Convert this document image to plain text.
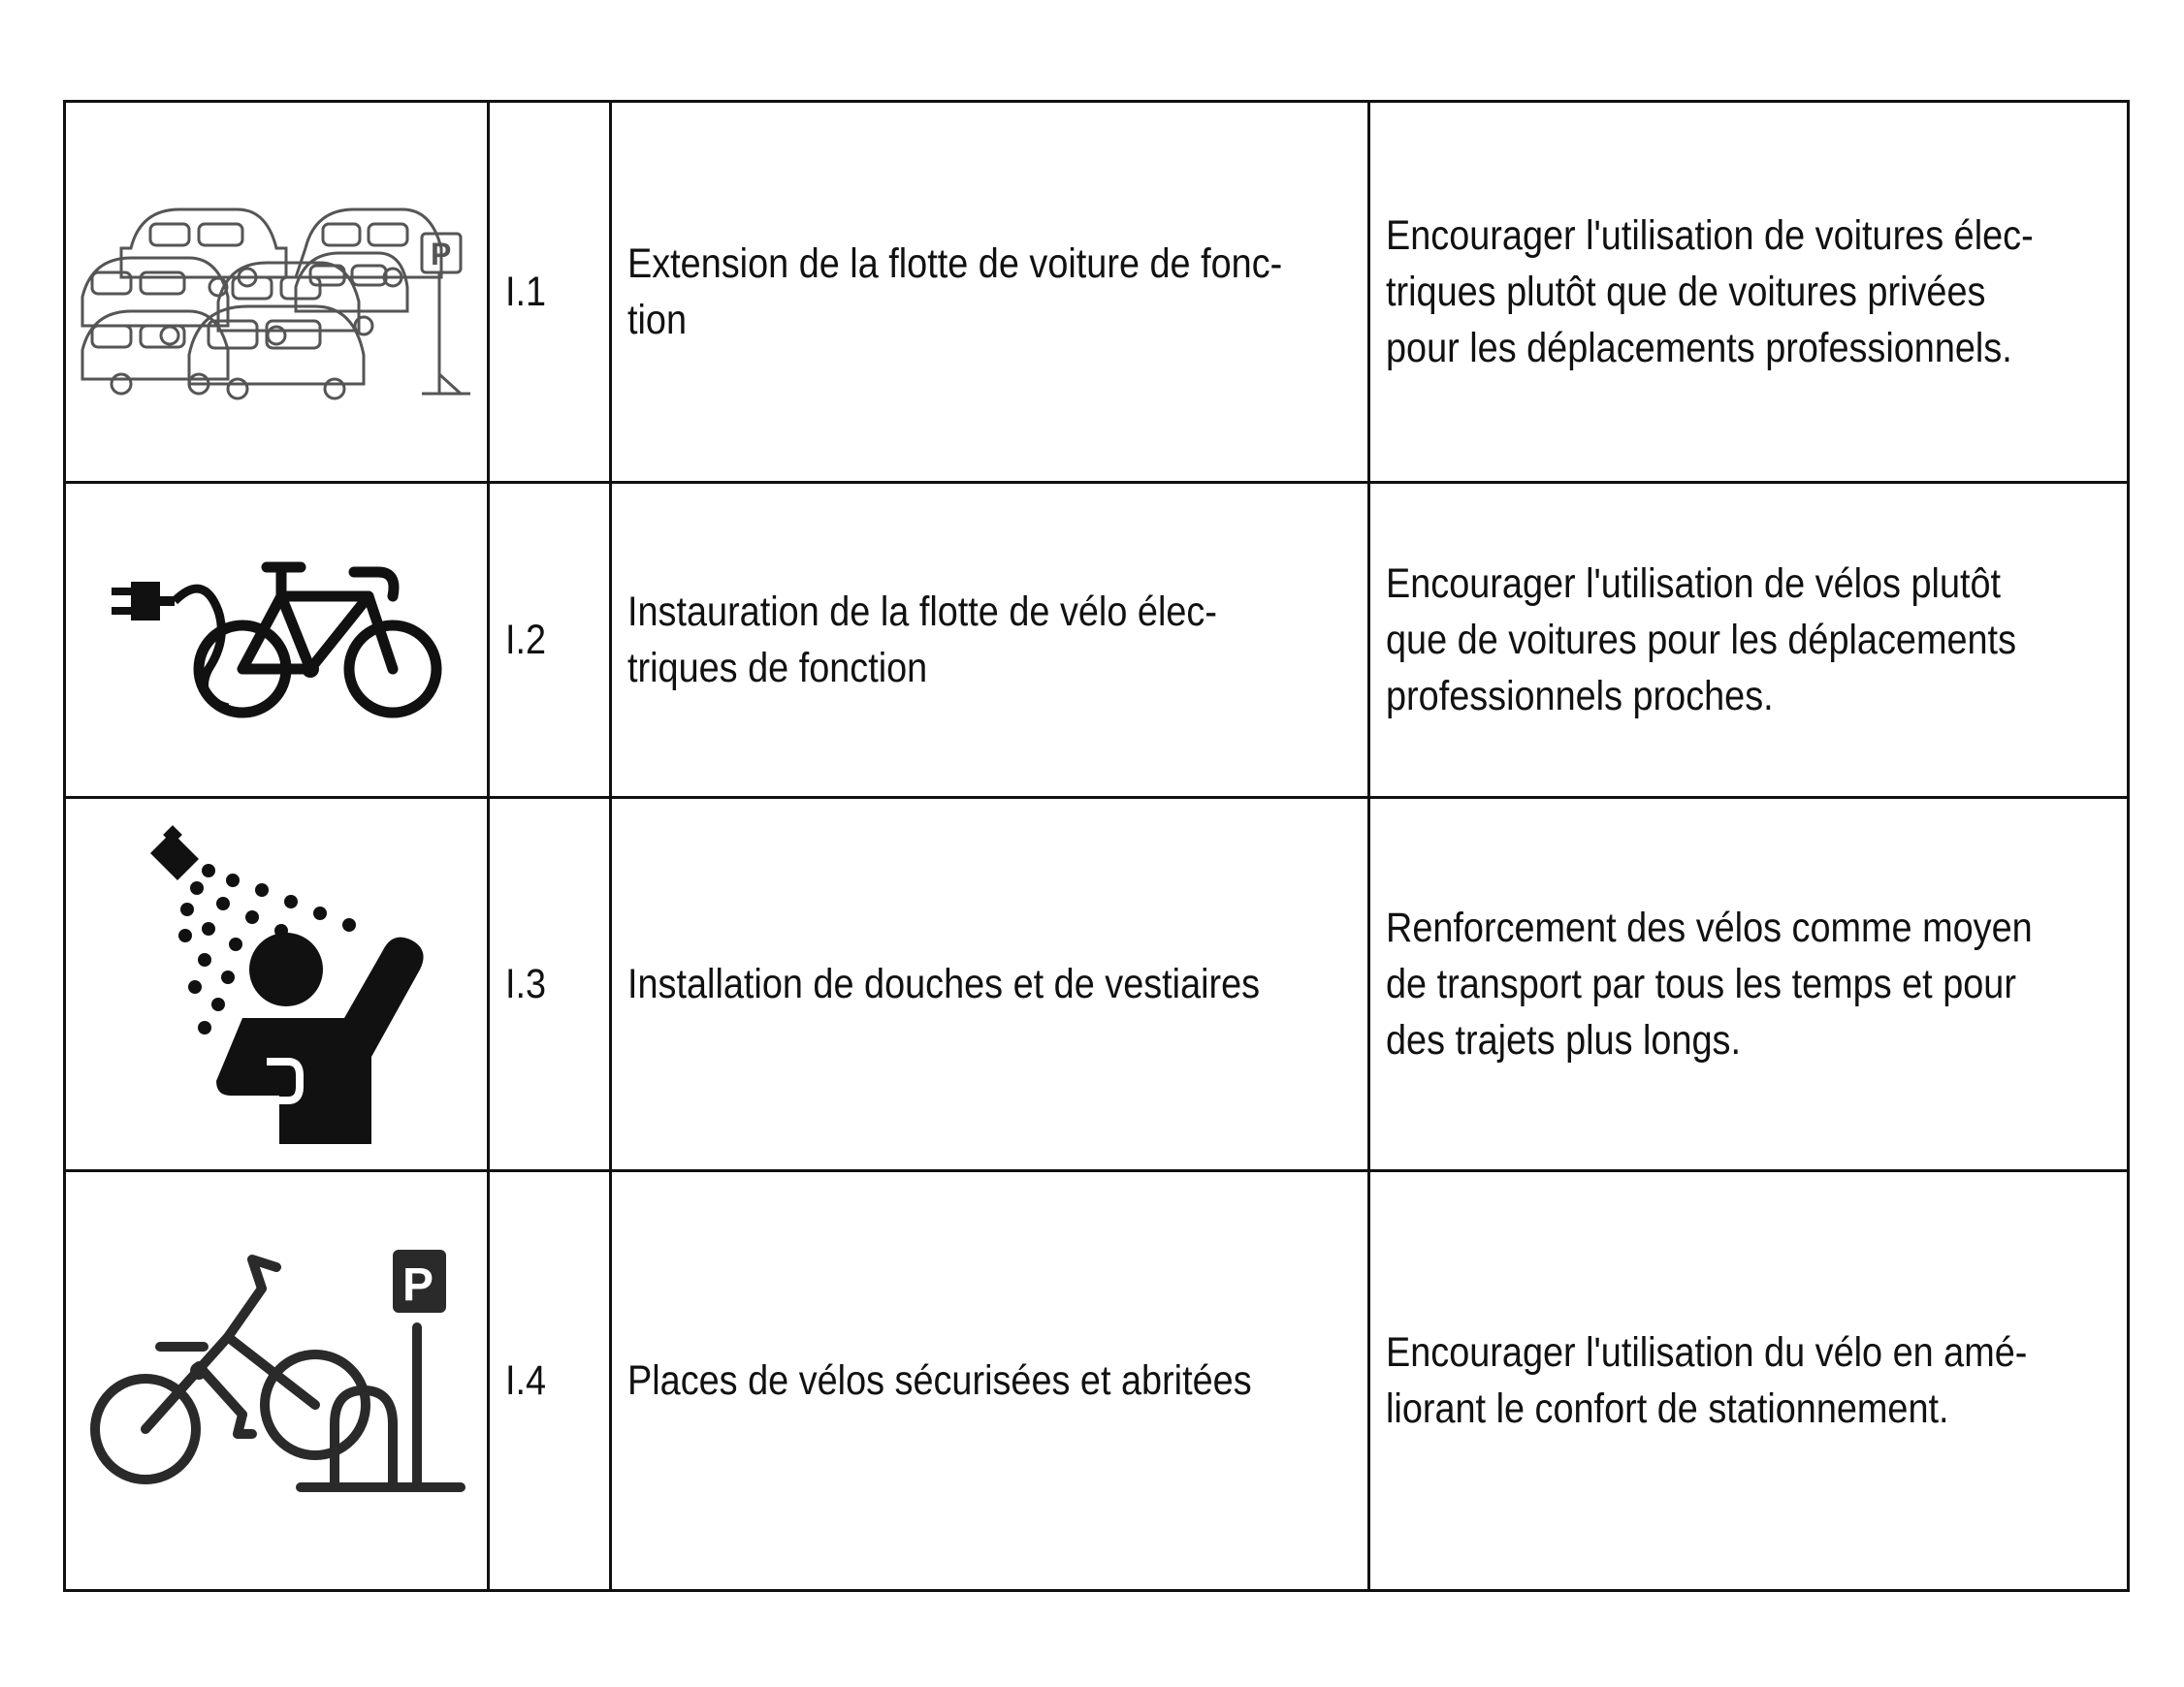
P	I.1	Extension de la flotte de voiture de fonc-
tion	Encourager l'utilisation de voitures élec-
triques plutôt que de voitures privées
pour les déplacements professionnels.

	I.2	Instauration de la flotte de vélo élec-
triques de fonction	Encourager l'utilisation de vélos plutôt
que de voitures pour les déplacements
professionnels proches.

	I.3	Installation de douches et de vestiaires	Renforcement des vélos comme moyen
de transport par tous les temps et pour
des trajets plus longs.

P	I.4	Places de vélos sécurisées et abritées	Encourager l'utilisation du vélo en amé-
liorant le confort de stationnement.
